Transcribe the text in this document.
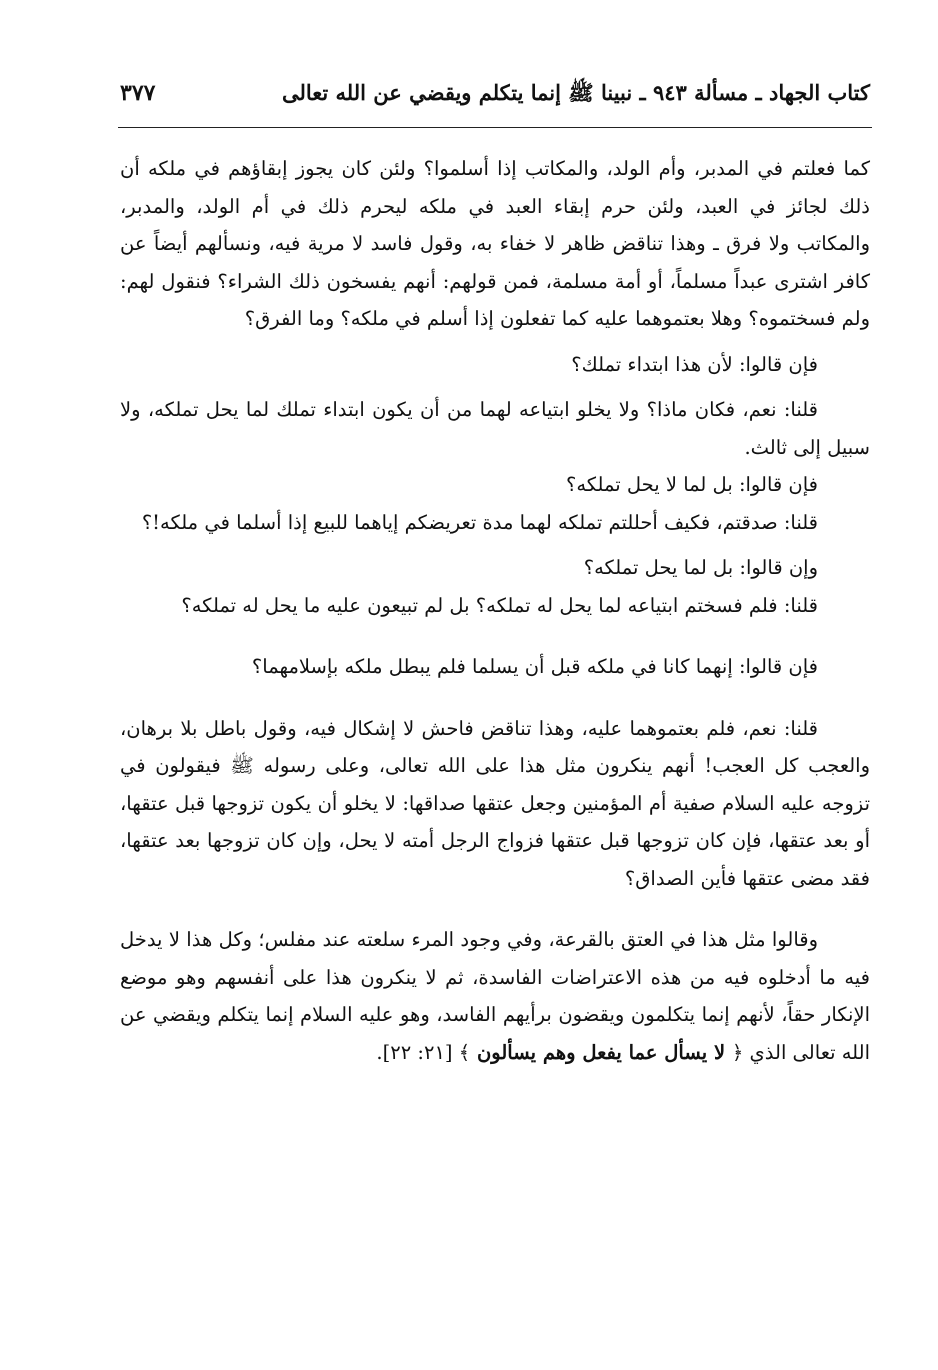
كتاب الجهاد ـ مسألة ٩٤٣ ـ نبينا ﷺ إنما يتكلم ويقضي عن الله تعالى
٣٧٧

كما فعلتم في المدبر، وأم الولد، والمكاتب إذا أسلموا؟ ولئن كان يجوز إبقاؤهم في ملكه أن ذلك لجائز في العبد، ولئن حرم إبقاء العبد في ملكه ليحرم ذلك في أم الولد، والمدبر، والمكاتب ولا فرق ـ وهذا تناقض ظاهر لا خفاء به، وقول فاسد لا مرية فيه، ونسألهم أيضاً عن كافر اشترى عبداً مسلماً، أو أمة مسلمة، فمن قولهم: أنهم يفسخون ذلك الشراء؟ فنقول لهم: ولم فسختموه؟ وهلا بعتموهما عليه كما تفعلون إذا أسلم في ملكه؟ وما الفرق؟

فإن قالوا: لأن هذا ابتداء تملك؟

قلنا: نعم، فكان ماذا؟ ولا يخلو ابتياعه لهما من أن يكون ابتداء تملك لما يحل تملكه، ولا سبيل إلى ثالث.

فإن قالوا: بل لما لا يحل تملكه؟

قلنا: صدقتم، فكيف أحللتم تملكه لهما مدة تعريضكم إياهما للبيع إذا أسلما في ملكه!؟

وإن قالوا: بل لما يحل تملكه؟

قلنا: فلم فسختم ابتياعه لما يحل له تملكه؟ بل لم تبيعون عليه ما يحل له تملكه؟

فإن قالوا: إنهما كانا في ملكه قبل أن يسلما فلم يبطل ملكه بإسلامهما؟

قلنا: نعم، فلم بعتموهما عليه، وهذا تناقض فاحش لا إشكال فيه، وقول باطل بلا برهان، والعجب كل العجب! أنهم ينكرون مثل هذا على الله تعالى، وعلى رسوله ﷺ فيقولون في تزوجه عليه السلام صفية أم المؤمنين وجعل عتقها صداقها: لا يخلو أن يكون تزوجها قبل عتقها، أو بعد عتقها، فإن كان تزوجها قبل عتقها فزواج الرجل أمته لا يحل، وإن كان تزوجها بعد عتقها، فقد مضى عتقها فأين الصداق؟

وقالوا مثل هذا في العتق بالقرعة، وفي وجود المرء سلعته عند مفلس؛ وكل هذا لا يدخل فيه ما أدخلوه فيه من هذه الاعتراضات الفاسدة، ثم لا ينكرون هذا على أنفسهم وهو موضع الإنكار حقاً، لأنهم إنما يتكلمون ويقضون برأيهم الفاسد، وهو عليه السلام إنما يتكلم ويقضي عن الله تعالى الذي ﴿ لا يسأل عما يفعل وهم يسألون ﴾ [٢١: ٢٢].
